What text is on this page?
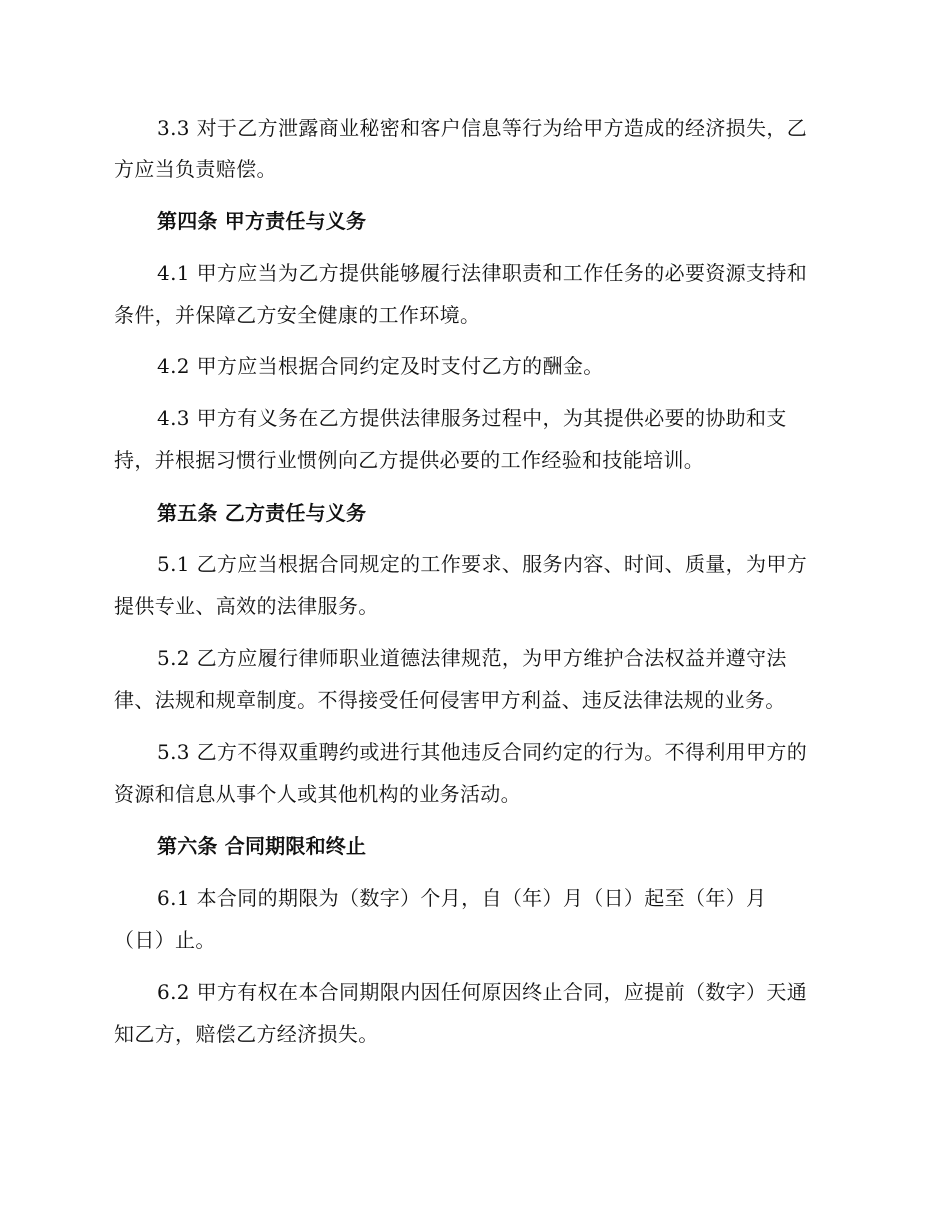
3.3 对于乙方泄露商业秘密和客户信息等行为给甲方造成的经济损失，乙
方应当负责赔偿。
第四条 甲方责任与义务
4.1 甲方应当为乙方提供能够履行法律职责和工作任务的必要资源支持和
条件，并保障乙方安全健康的工作环境。
4.2 甲方应当根据合同约定及时支付乙方的酬金。
4.3 甲方有义务在乙方提供法律服务过程中，为其提供必要的协助和支
持，并根据习惯行业惯例向乙方提供必要的工作经验和技能培训。
第五条 乙方责任与义务
5.1 乙方应当根据合同规定的工作要求、服务内容、时间、质量，为甲方
提供专业、高效的法律服务。
5.2 乙方应履行律师职业道德法律规范，为甲方维护合法权益并遵守法
律、法规和规章制度。不得接受任何侵害甲方利益、违反法律法规的业务。
5.3 乙方不得双重聘约或进行其他违反合同约定的行为。不得利用甲方的
资源和信息从事个人或其他机构的业务活动。
第六条 合同期限和终止
6.1 本合同的期限为（数字）个月，自（年）月（日）起至（年）月
（日）止。
6.2 甲方有权在本合同期限内因任何原因终止合同，应提前（数字）天通
知乙方，赔偿乙方经济损失。
